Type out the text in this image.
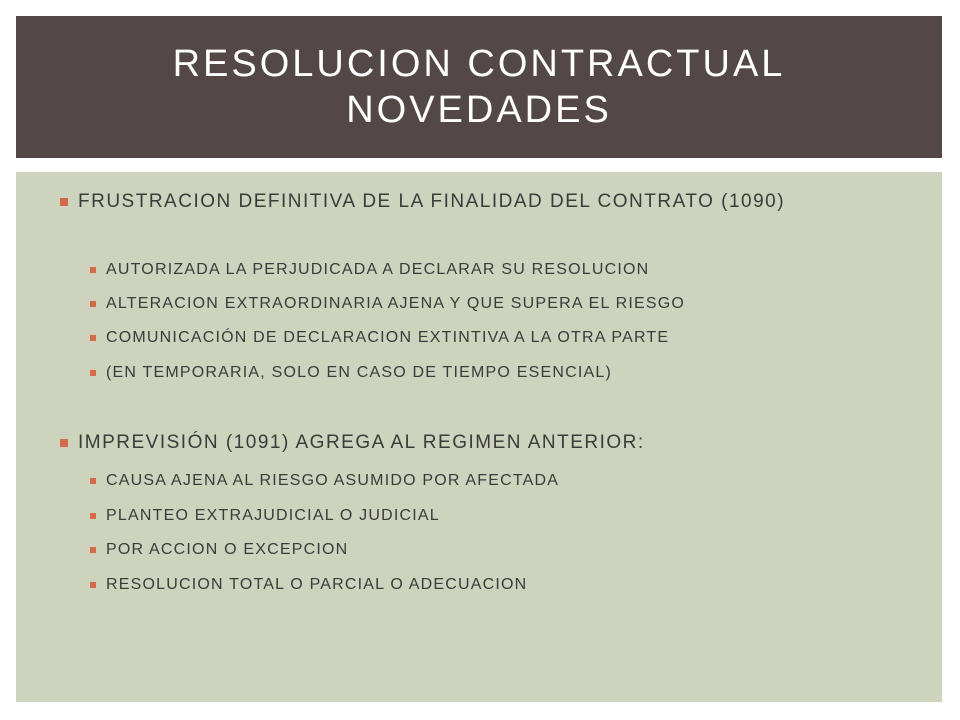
RESOLUCION CONTRACTUAL
NOVEDADES
FRUSTRACION DEFINITIVA DE LA FINALIDAD DEL CONTRATO (1090)
AUTORIZADA LA PERJUDICADA A DECLARAR SU RESOLUCION
ALTERACION EXTRAORDINARIA AJENA Y QUE SUPERA EL RIESGO
COMUNICACIÓN DE DECLARACION EXTINTIVA A LA OTRA PARTE
(EN TEMPORARIA, SOLO EN CASO DE TIEMPO ESENCIAL)
IMPREVISIÓN (1091) AGREGA AL REGIMEN ANTERIOR:
CAUSA AJENA AL RIESGO ASUMIDO POR AFECTADA
PLANTEO EXTRAJUDICIAL O JUDICIAL
POR ACCION O EXCEPCION
RESOLUCION TOTAL O PARCIAL O ADECUACION
